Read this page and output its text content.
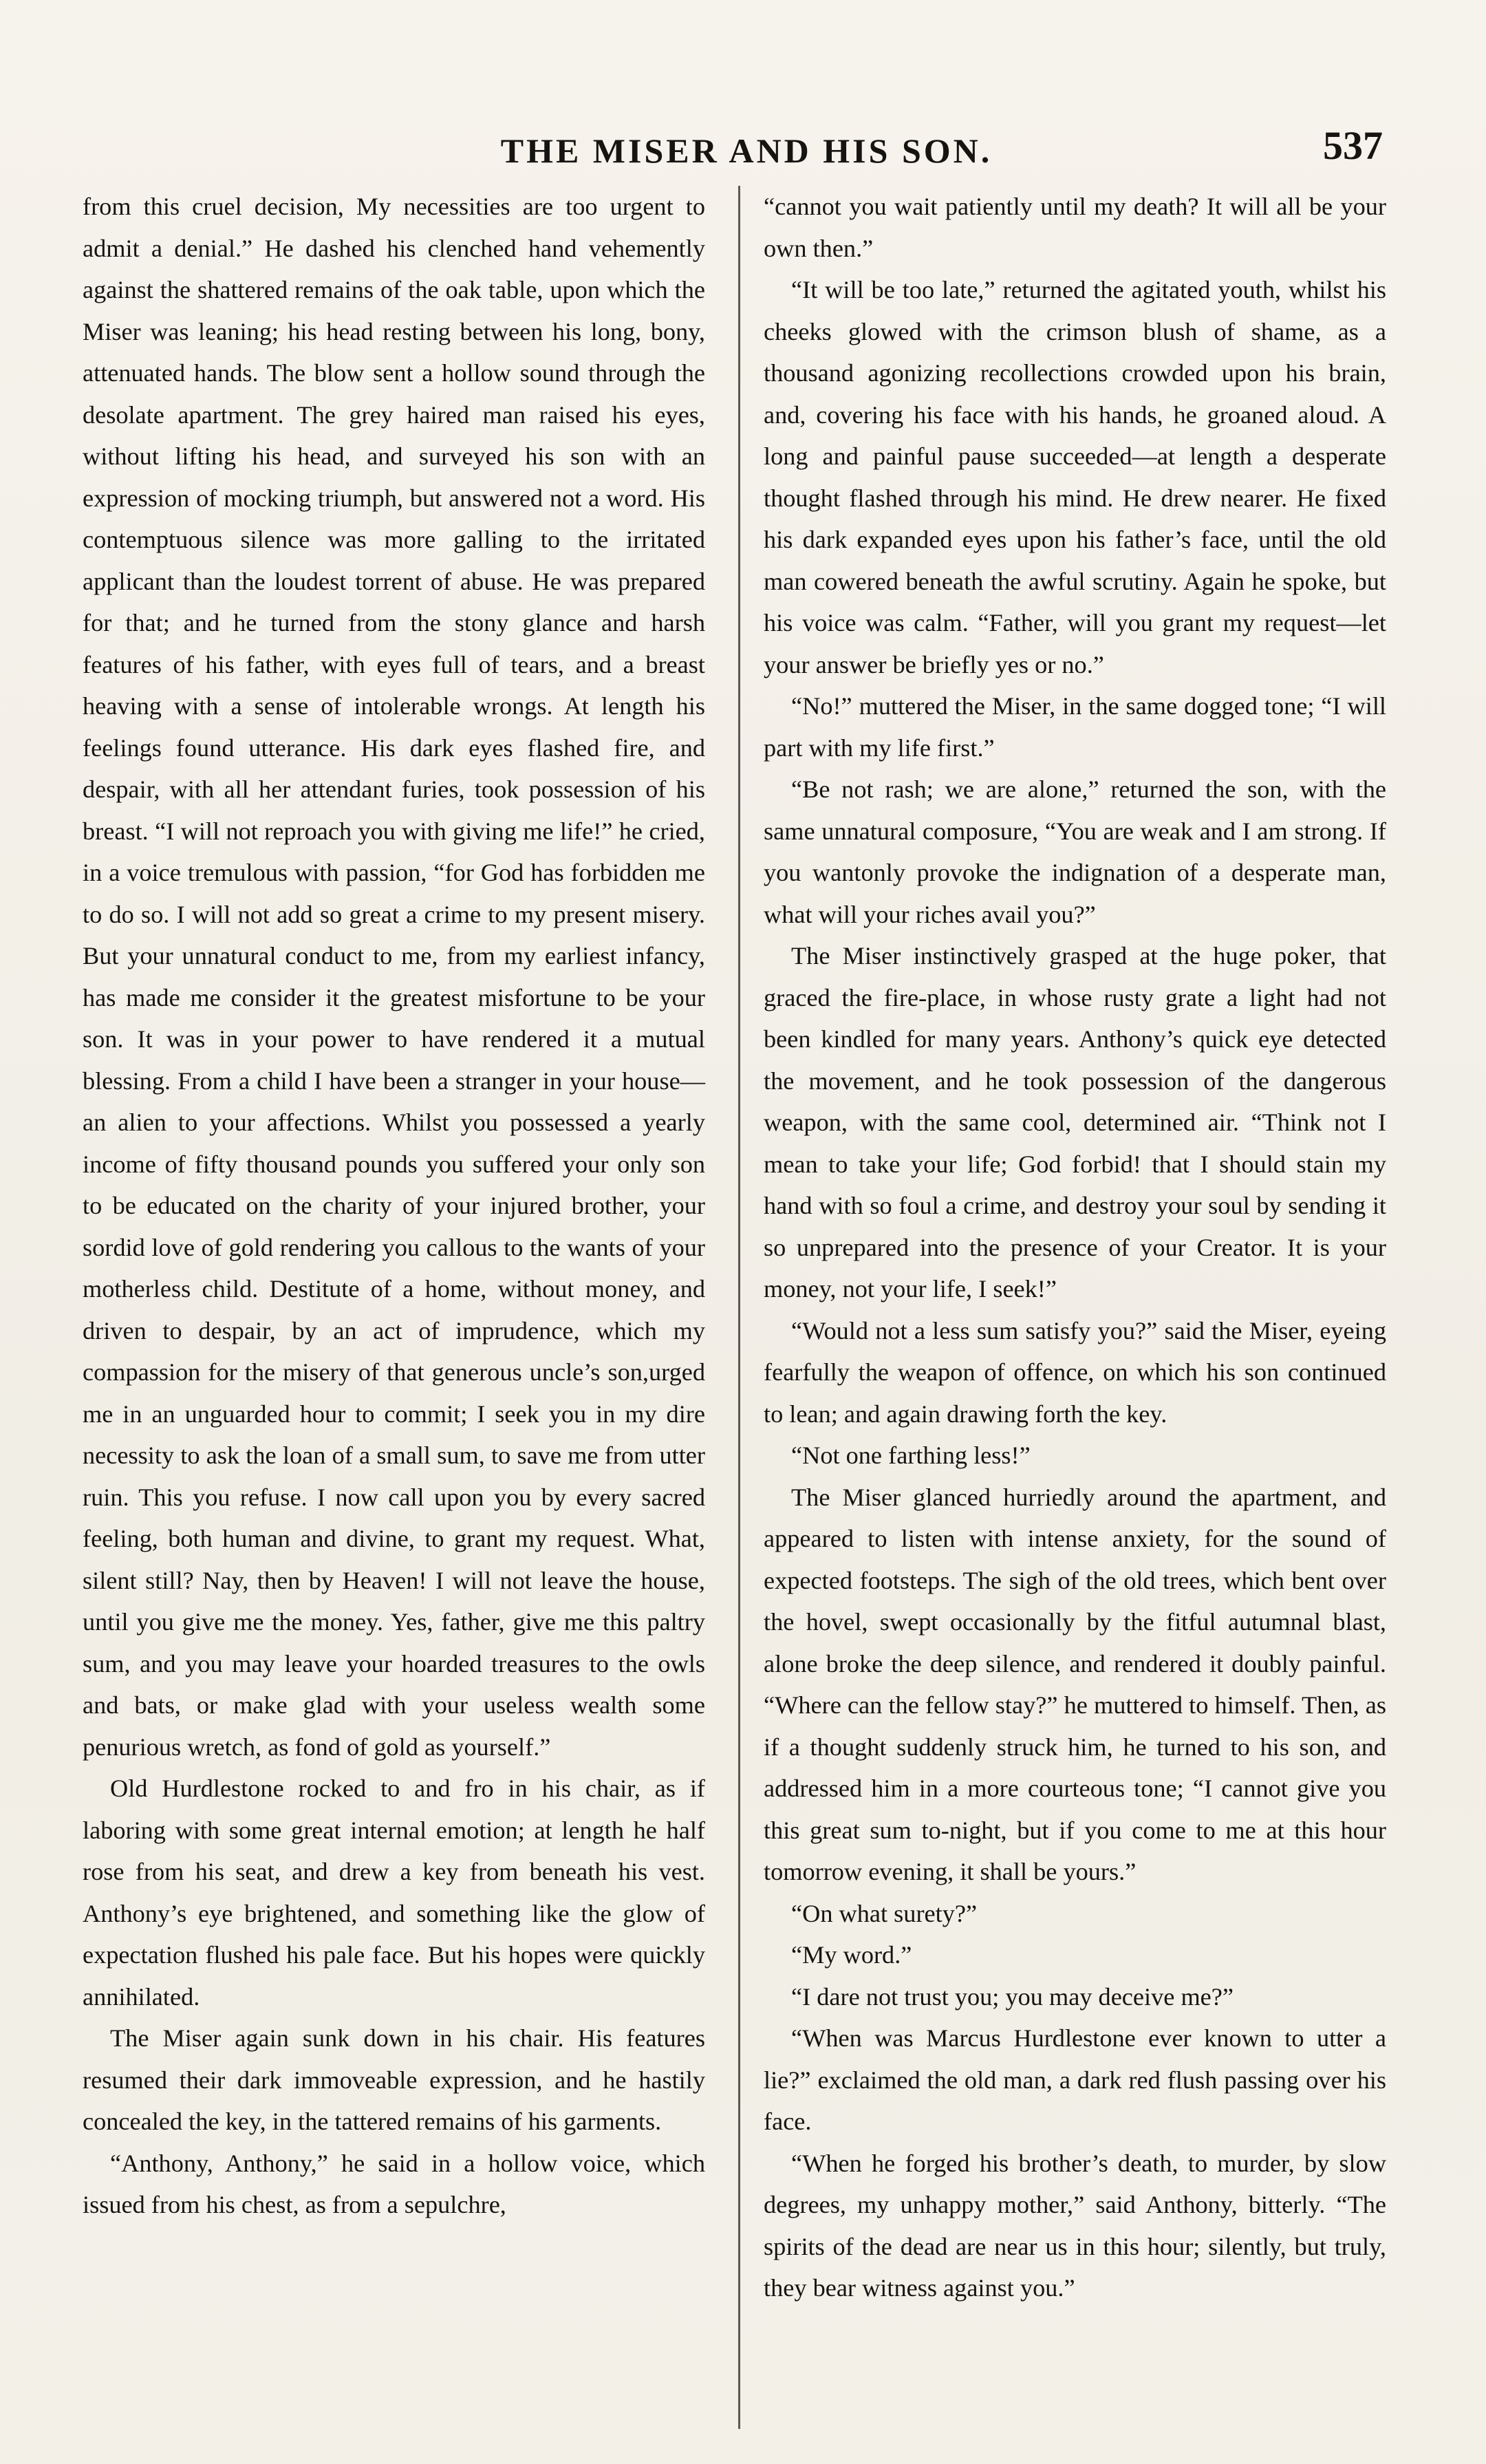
THE MISER AND HIS SON.	537

from this cruel decision, My necessities are too urgent to admit a denial.” He dashed his clenched hand vehemently against the shattered remains of the oak table, upon which the Miser was leaning; his head resting between his long, bony, attenuated hands. The blow sent a hollow sound through the desolate apartment. The grey haired man raised his eyes, without lifting his head, and surveyed his son with an expression of mocking triumph, but answered not a word. His contemptuous silence was more galling to the irritated applicant than the loudest torrent of abuse. He was prepared for that; and he turned from the stony glance and harsh features of his father, with eyes full of tears, and a breast heaving with a sense of intolerable wrongs. At length his feelings found utterance. His dark eyes flashed fire, and despair, with all her attendant furies, took possession of his breast. “I will not reproach you with giving me life!” he cried, in a voice tremulous with passion, “for God has forbidden me to do so. I will not add so great a crime to my present misery. But your unnatural conduct to me, from my earliest infancy, has made me consider it the greatest misfortune to be your son. It was in your power to have rendered it a mutual blessing. From a child I have been a stranger in your house—an alien to your affections. Whilst you possessed a yearly income of fifty thousand pounds you suffered your only son to be educated on the charity of your injured brother, your sordid love of gold rendering you callous to the wants of your motherless child. Destitute of a home, without money, and driven to despair, by an act of imprudence, which my compassion for the misery of that generous uncle’s son,urged me in an unguarded hour to commit; I seek you in my dire necessity to ask the loan of a small sum, to save me from utter ruin. This you refuse. I now call upon you by every sacred feeling, both human and divine, to grant my request. What, silent still? Nay, then by Heaven! I will not leave the house, until you give me the money. Yes, father, give me this paltry sum, and you may leave your hoarded treasures to the owls and bats, or make glad with your useless wealth some penurious wretch, as fond of gold as yourself.”

Old Hurdlestone rocked to and fro in his chair, as if laboring with some great internal emotion; at length he half rose from his seat, and drew a key from beneath his vest. Anthony’s eye brightened, and something like the glow of expectation flushed his pale face. But his hopes were quickly annihilated.

The Miser again sunk down in his chair. His features resumed their dark immoveable expression, and he hastily concealed the key, in the tattered remains of his garments.

“Anthony, Anthony,” he said in a hollow voice, which issued from his chest, as from a sepulchre,

“cannot you wait patiently until my death? It will all be your own then.”

“It will be too late,” returned the agitated youth, whilst his cheeks glowed with the crimson blush of shame, as a thousand agonizing recollections crowded upon his brain, and, covering his face with his hands, he groaned aloud. A long and painful pause succeeded—at length a desperate thought flashed through his mind. He drew nearer. He fixed his dark expanded eyes upon his father’s face, until the old man cowered beneath the awful scrutiny. Again he spoke, but his voice was calm. “Father, will you grant my request—let your answer be briefly yes or no.”

“No!” muttered the Miser, in the same dogged tone; “I will part with my life first.”

“Be not rash; we are alone,” returned the son, with the same unnatural composure, “You are weak and I am strong. If you wantonly provoke the indignation of a desperate man, what will your riches avail you?”

The Miser instinctively grasped at the huge poker, that graced the fire-place, in whose rusty grate a light had not been kindled for many years. Anthony’s quick eye detected the movement, and he took possession of the dangerous weapon, with the same cool, determined air. “Think not I mean to take your life; God forbid! that I should stain my hand with so foul a crime, and destroy your soul by sending it so unprepared into the presence of your Creator. It is your money, not your life, I seek!”

“Would not a less sum satisfy you?” said the Miser, eyeing fearfully the weapon of offence, on which his son continued to lean; and again drawing forth the key.

“Not one farthing less!”

The Miser glanced hurriedly around the apartment, and appeared to listen with intense anxiety, for the sound of expected footsteps. The sigh of the old trees, which bent over the hovel, swept occasionally by the fitful autumnal blast, alone broke the deep silence, and rendered it doubly painful. “Where can the fellow stay?” he muttered to himself. Then, as if a thought suddenly struck him, he turned to his son, and addressed him in a more courteous tone; “I cannot give you this great sum to-night, but if you come to me at this hour tomorrow evening, it shall be yours.”

“On what surety?”

“My word.”

“I dare not trust you; you may deceive me?”

“When was Marcus Hurdlestone ever known to utter a lie?” exclaimed the old man, a dark red flush passing over his face.

“When he forged his brother’s death, to murder, by slow degrees, my unhappy mother,” said Anthony, bitterly. “The spirits of the dead are near us in this hour; silently, but truly, they bear witness against you.”
